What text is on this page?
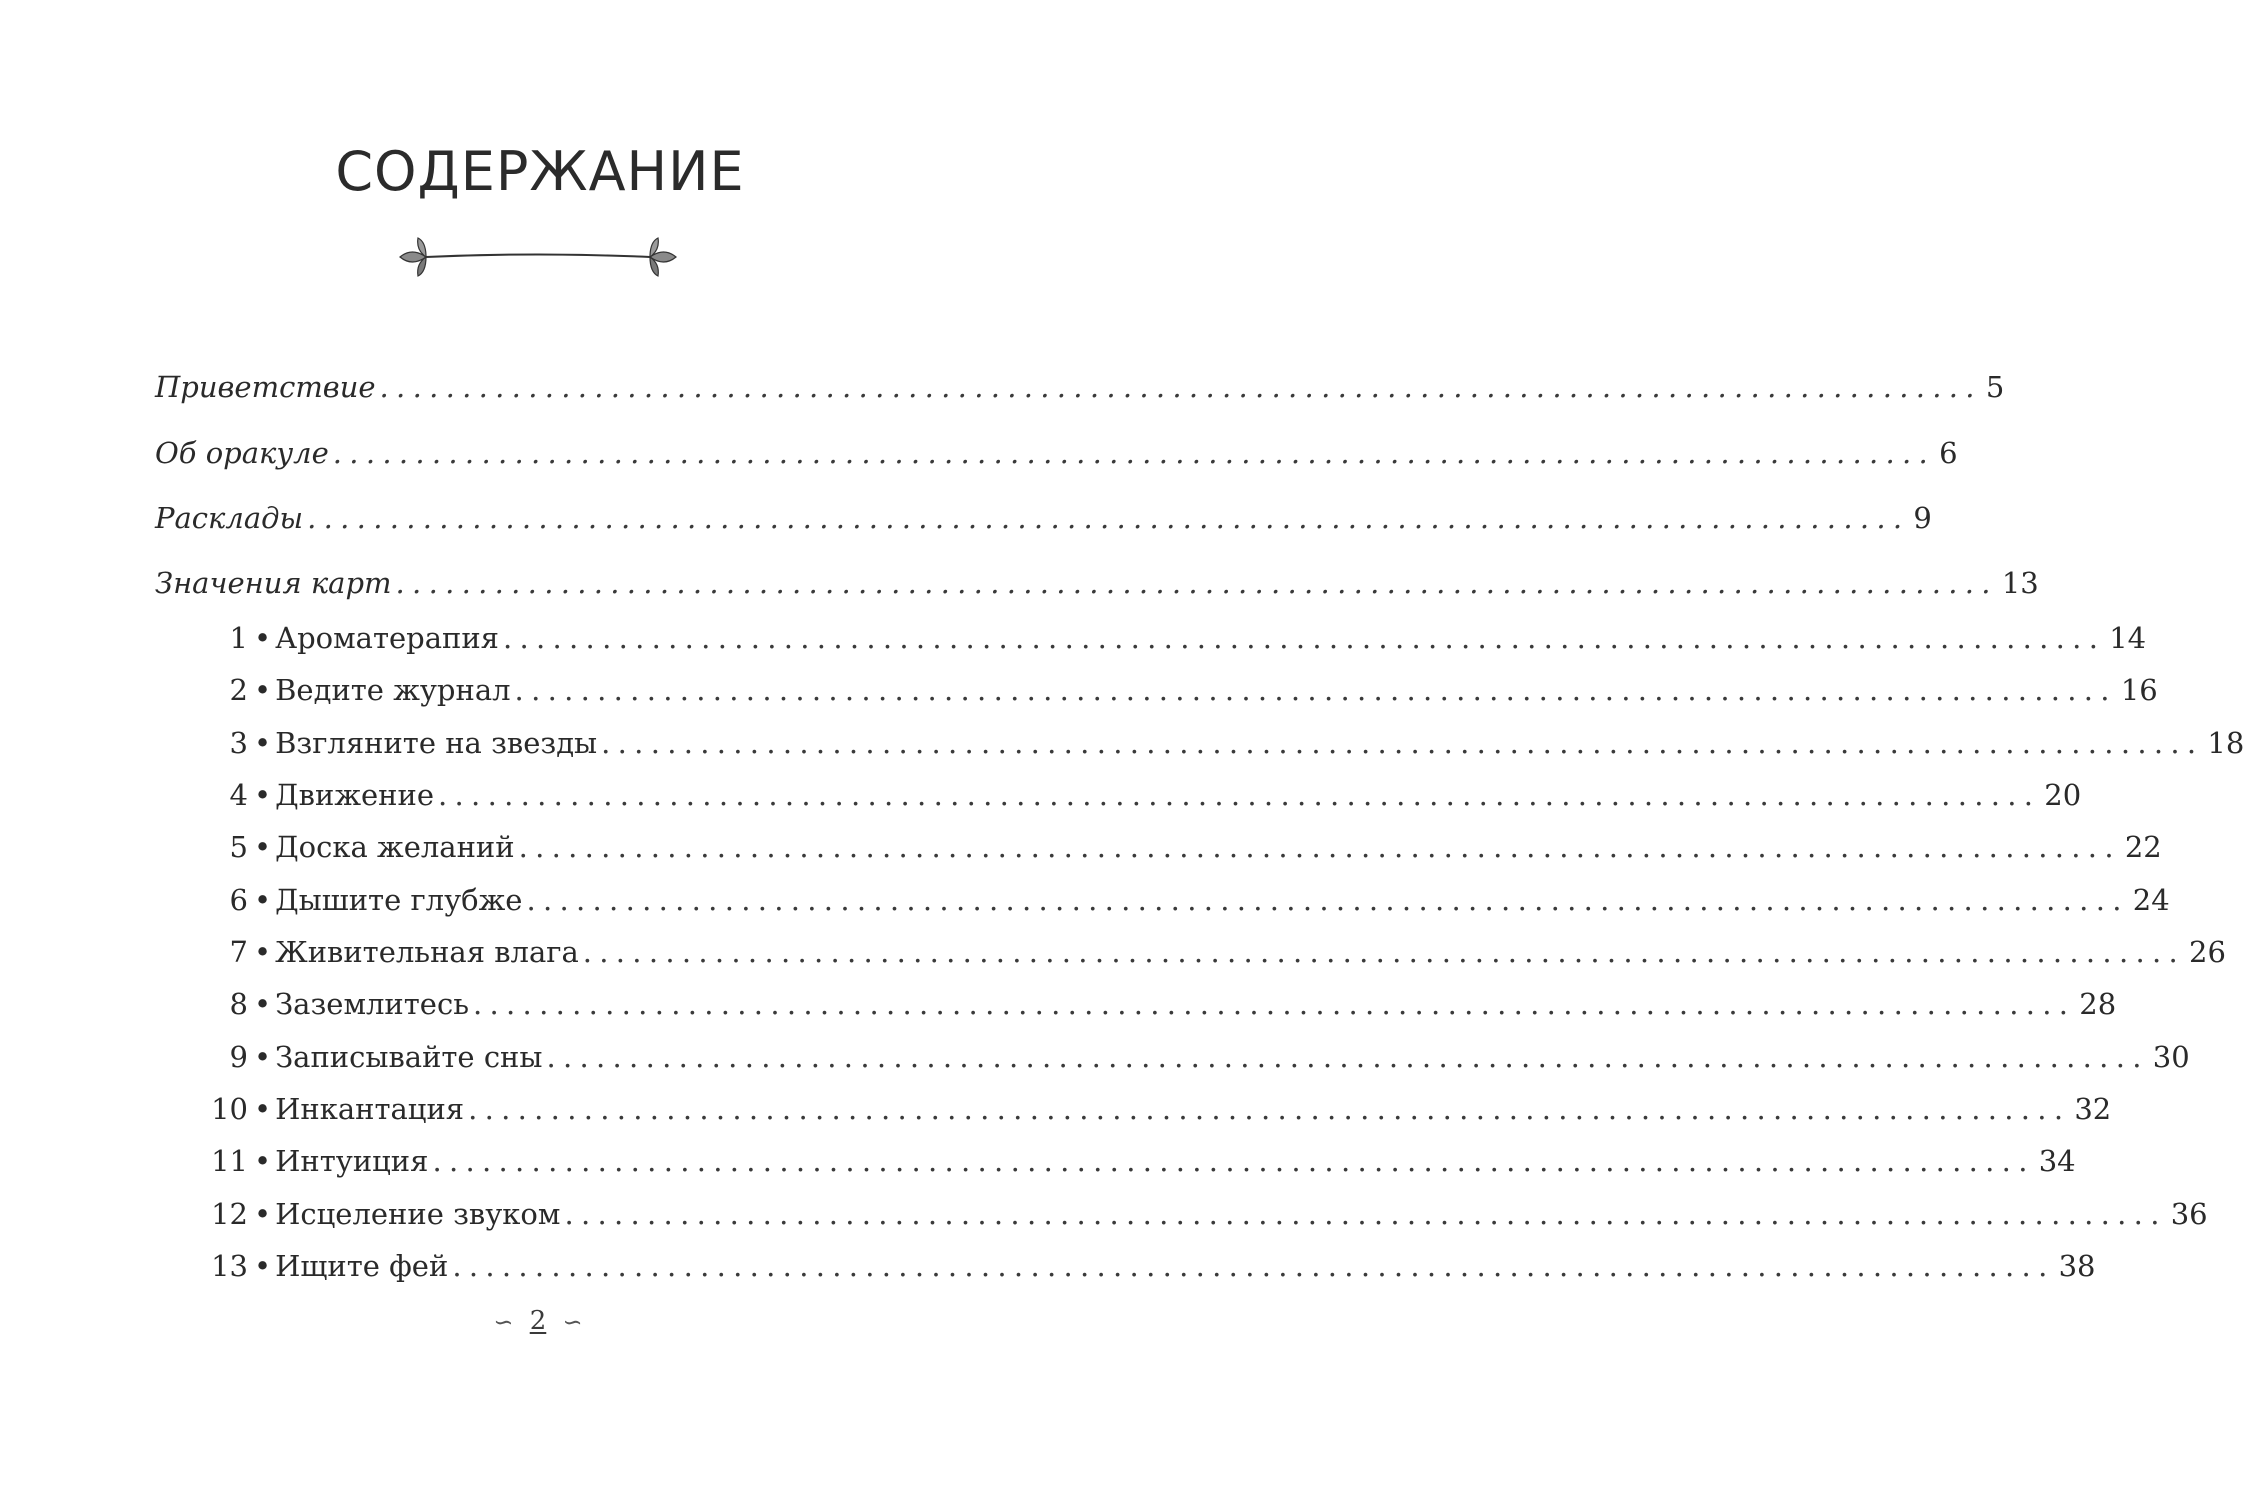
СОДЕРЖАНИЕ
Приветствие ................................................................................................. 5
Об оракуле ................................................................................................. 6
Расклады ................................................................................................. 9
Значения карт ................................................................................................. 13
1 • Ароматерапия ................................................................................................. 14
2 • Ведите журнал ................................................................................................. 16
3 • Взгляните на звезды ................................................................................................. 18
4 • Движение ................................................................................................. 20
5 • Доска желаний ................................................................................................. 22
6 • Дышите глубже ................................................................................................. 24
7 • Живительная влага ................................................................................................. 26
8 • Заземлитесь ................................................................................................. 28
9 • Записывайте сны ................................................................................................. 30
10 • Инкантация ................................................................................................. 32
11 • Интуиция ................................................................................................. 34
12 • Исцеление звуком ................................................................................................. 36
13 • Ищите фей ................................................................................................. 38
∽ 2 ∽
